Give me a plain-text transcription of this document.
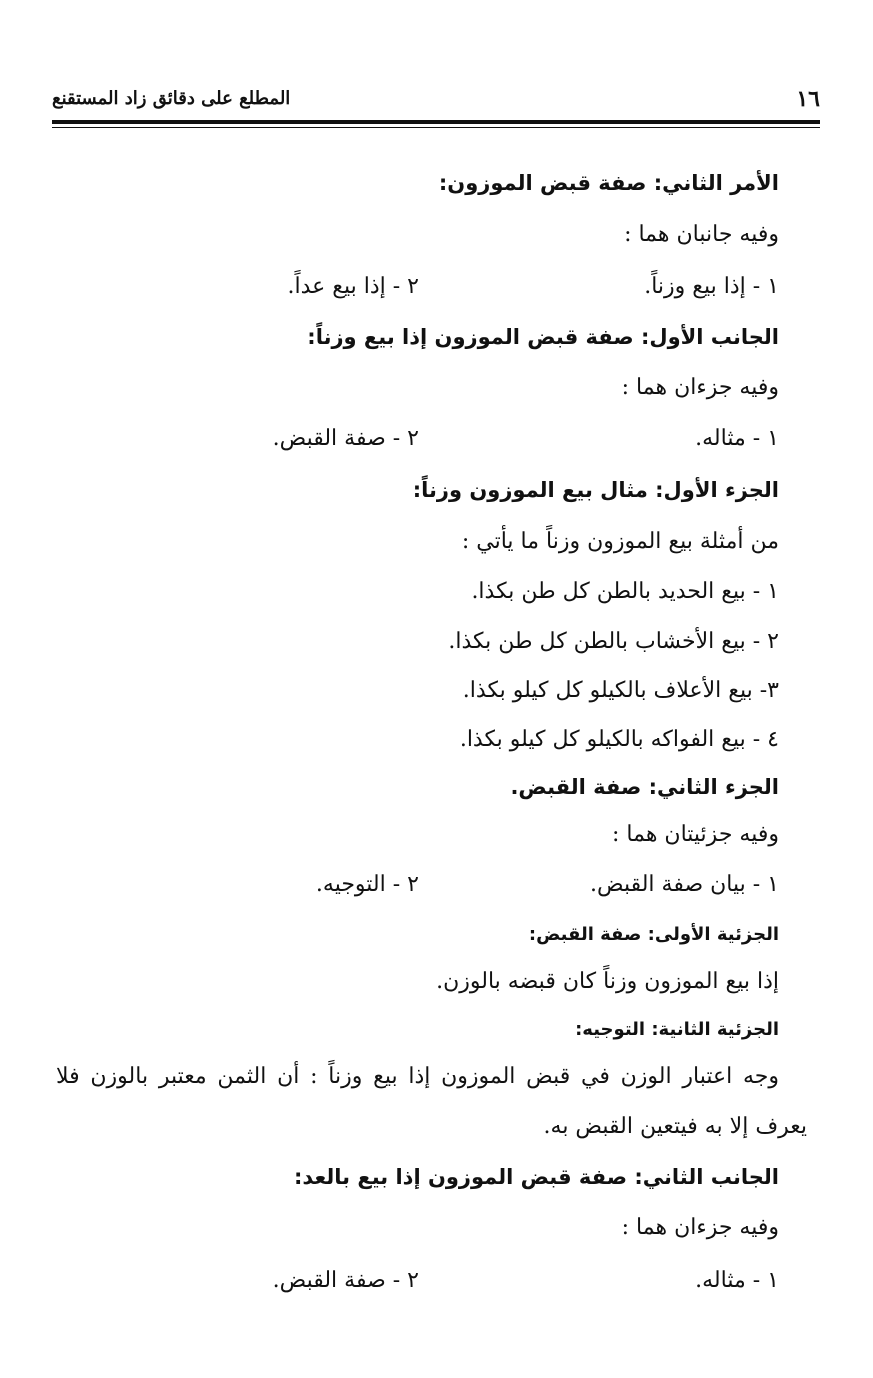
١٦
المطلع على دقائق زاد المستقنع
الأمر الثاني: صفة قبض الموزون:
وفيه جانبان هما :
١ - إذا بيع وزناً.
٢ - إذا بيع عداً.
الجانب الأول: صفة قبض الموزون إذا بيع وزناً:
وفيه جزءان هما :
١ - مثاله.
٢ - صفة القبض.
الجزء الأول: مثال بيع الموزون وزناً:
من أمثلة بيع الموزون وزناً ما يأتي :
١ - بيع الحديد بالطن كل طن بكذا.
٢ - بيع الأخشاب بالطن كل طن بكذا.
٣- بيع الأعلاف بالكيلو كل كيلو بكذا.
٤ - بيع الفواكه بالكيلو كل كيلو بكذا.
الجزء الثاني: صفة القبض.
وفيه جزئيتان هما :
١ - بيان صفة القبض.
٢ - التوجيه.
الجزئية الأولى: صفة القبض:
إذا بيع الموزون وزناً كان قبضه بالوزن.
الجزئية الثانية: التوجيه:
وجه اعتبار الوزن في قبض الموزون إذا بيع وزناً : أن الثمن معتبر بالوزن فلا
يعرف إلا به فيتعين القبض به.
الجانب الثاني: صفة قبض الموزون إذا بيع بالعد:
وفيه جزءان هما :
١ - مثاله.
٢ - صفة القبض.
